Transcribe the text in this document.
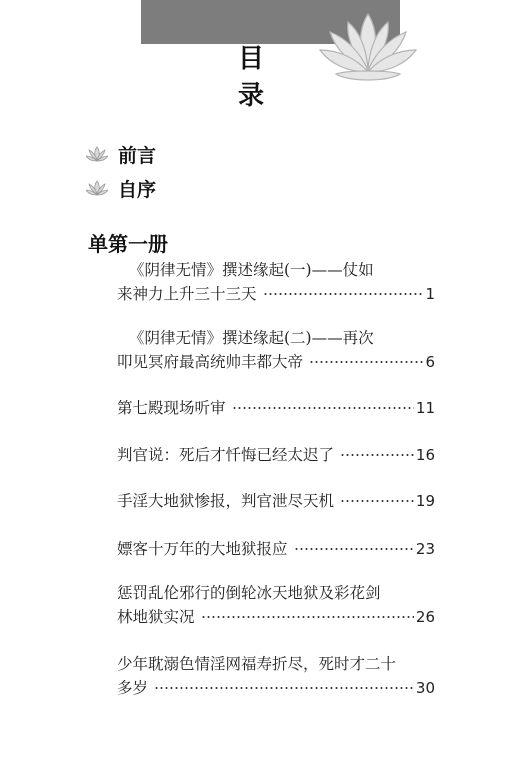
目录
前言
自序
单第一册
《阴律无情》撰述缘起(一)——仗如
来神力上升三十三天	1
《阴律无情》撰述缘起(二)——再次
叩见冥府最高统帅丰都大帝	6
第七殿现场听审	11
判官说：死后才忏悔已经太迟了	16
手淫大地狱惨报，判官泄尽天机	19
嫖客十万年的大地狱报应	23
惩罚乱伦邪行的倒轮冰天地狱及彩花剑
林地狱实况	26
少年耽溺色情淫网福寿折尽，死时才二十
多岁	30
